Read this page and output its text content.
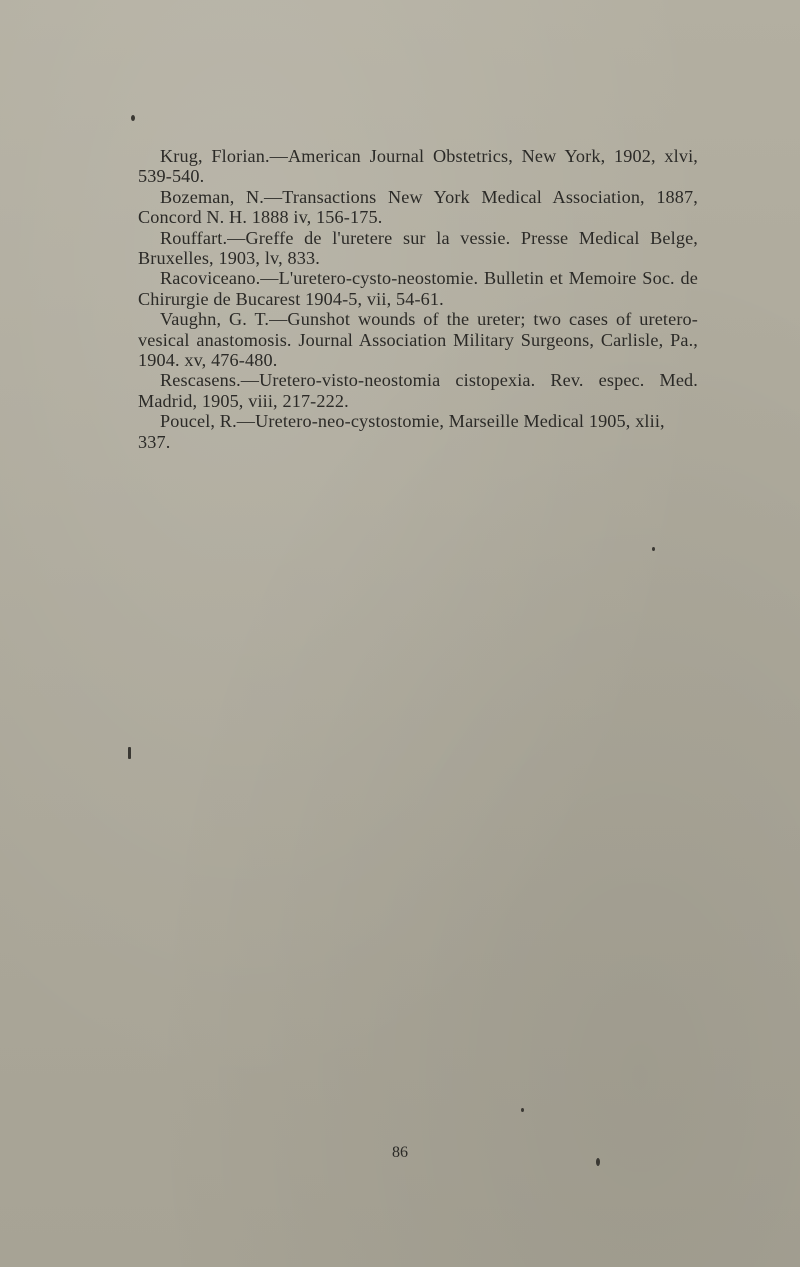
Krug, Florian.—American Journal Obstetrics, New York, 1902, xlvi, 539-540.

Bozeman, N.—Transactions New York Medical Association, 1887, Concord N. H. 1888 iv, 156-175.

Rouffart.—Greffe de l'uretere sur la vessie. Presse Medical Belge, Bruxelles, 1903, lv, 833.

Racoviceano.—L'uretero-cysto-neostomie. Bulletin et Memoire Soc. de Chirurgie de Bucarest 1904-5, vii, 54-61.

Vaughn, G. T.—Gunshot wounds of the ureter; two cases of uretero-vesical anastomosis. Journal Association Military Surgeons, Carlisle, Pa., 1904. xv, 476-480.

Rescasens.—Uretero-visto-neostomia cistopexia. Rev. espec. Med. Madrid, 1905, viii, 217-222.

Poucel, R.—Uretero-neo-cystostomie, Marseille Medical 1905, xlii, 337.

86
